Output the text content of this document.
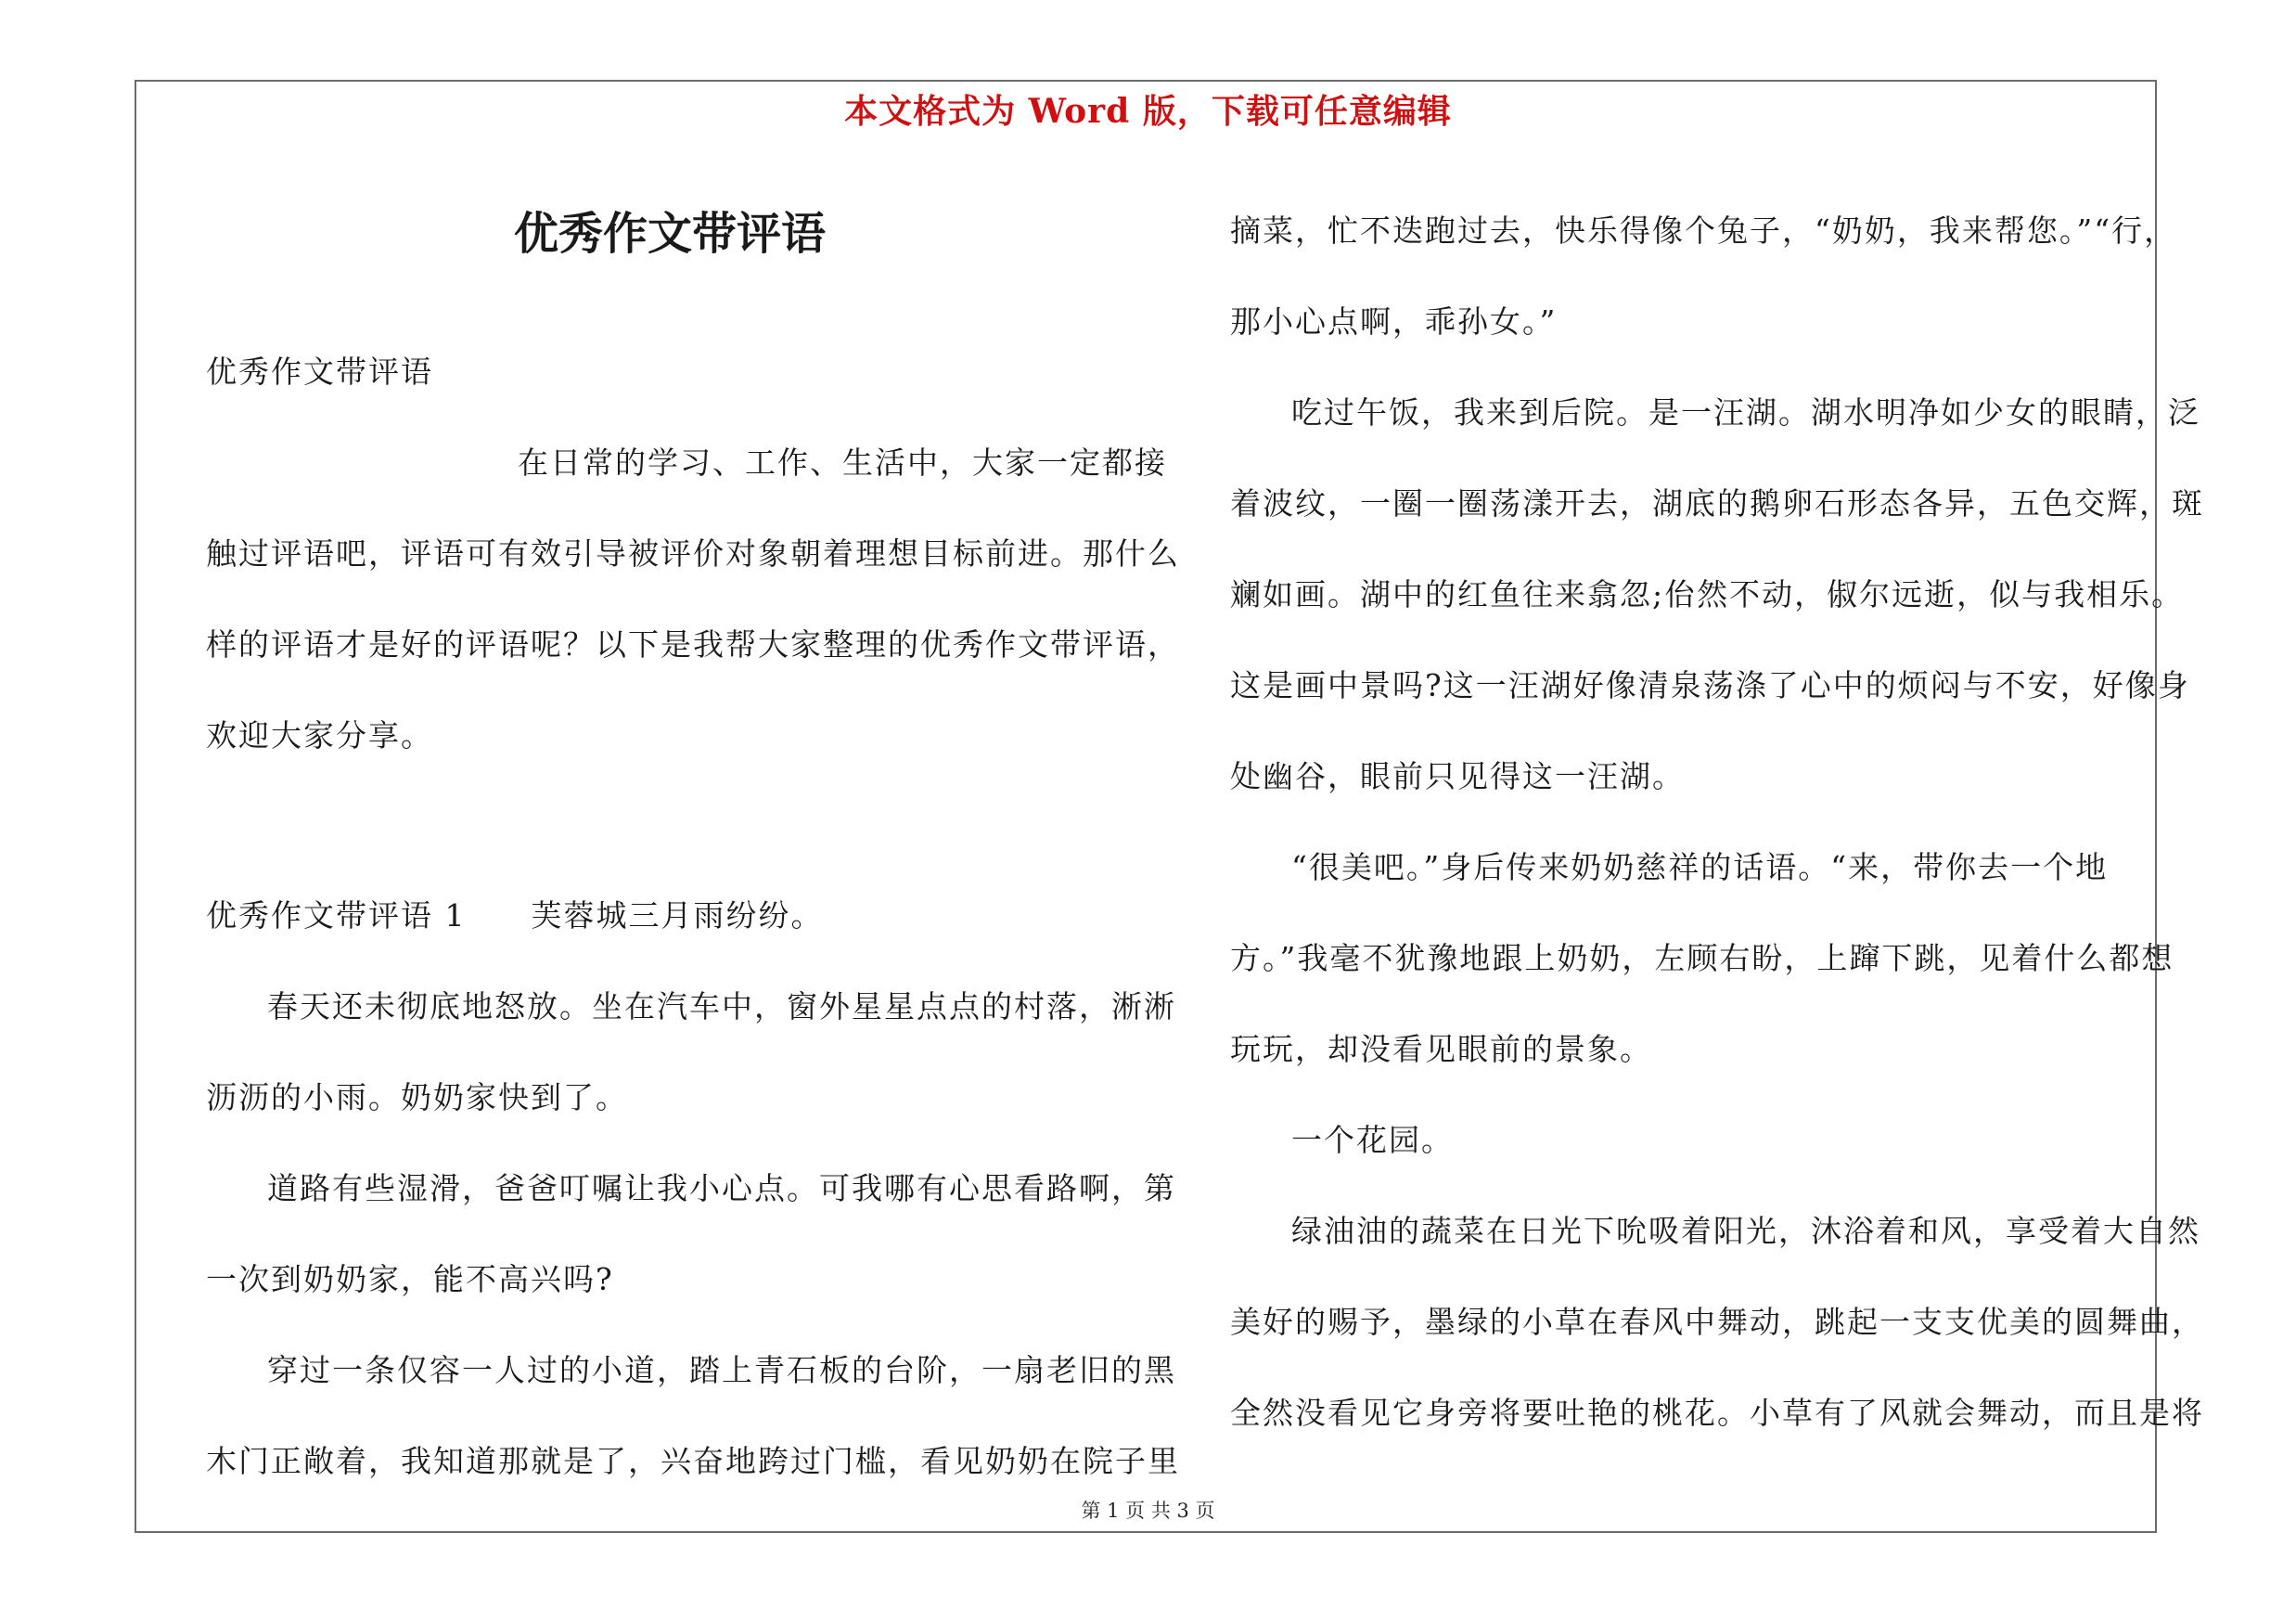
本文格式为 Word 版，下载可任意编辑
优秀作文带评语
优秀作文带评语
在日常的学习、工作、生活中，大家一定都接
触过评语吧，评语可有效引导被评价对象朝着理想目标前进。那什么
样的评语才是好的评语呢？以下是我帮大家整理的优秀作文带评语，
欢迎大家分享。
优秀作文带评语 1　　芙蓉城三月雨纷纷。
春天还未彻底地怒放。坐在汽车中，窗外星星点点的村落，淅淅
沥沥的小雨。奶奶家快到了。
道路有些湿滑，爸爸叮嘱让我小心点。可我哪有心思看路啊，第
一次到奶奶家，能不高兴吗?
穿过一条仅容一人过的小道，踏上青石板的台阶，一扇老旧的黑
木门正敞着，我知道那就是了，兴奋地跨过门槛，看见奶奶在院子里
摘菜，忙不迭跑过去，快乐得像个兔子，“奶奶，我来帮您。”“行，
那小心点啊，乖孙女。”
吃过午饭，我来到后院。是一汪湖。湖水明净如少女的眼睛，泛
着波纹，一圈一圈荡漾开去，湖底的鹅卵石形态各异，五色交辉，斑
斓如画。湖中的红鱼往来翕忽;佁然不动，俶尔远逝，似与我相乐。
这是画中景吗?这一汪湖好像清泉荡涤了心中的烦闷与不安，好像身
处幽谷，眼前只见得这一汪湖。
“很美吧。”身后传来奶奶慈祥的话语。“来，带你去一个地
方。”我毫不犹豫地跟上奶奶，左顾右盼，上蹿下跳，见着什么都想
玩玩，却没看见眼前的景象。
一个花园。
绿油油的蔬菜在日光下吮吸着阳光，沐浴着和风，享受着大自然
美好的赐予，墨绿的小草在春风中舞动，跳起一支支优美的圆舞曲，
全然没看见它身旁将要吐艳的桃花。小草有了风就会舞动，而且是将
第 1 页 共 3 页
